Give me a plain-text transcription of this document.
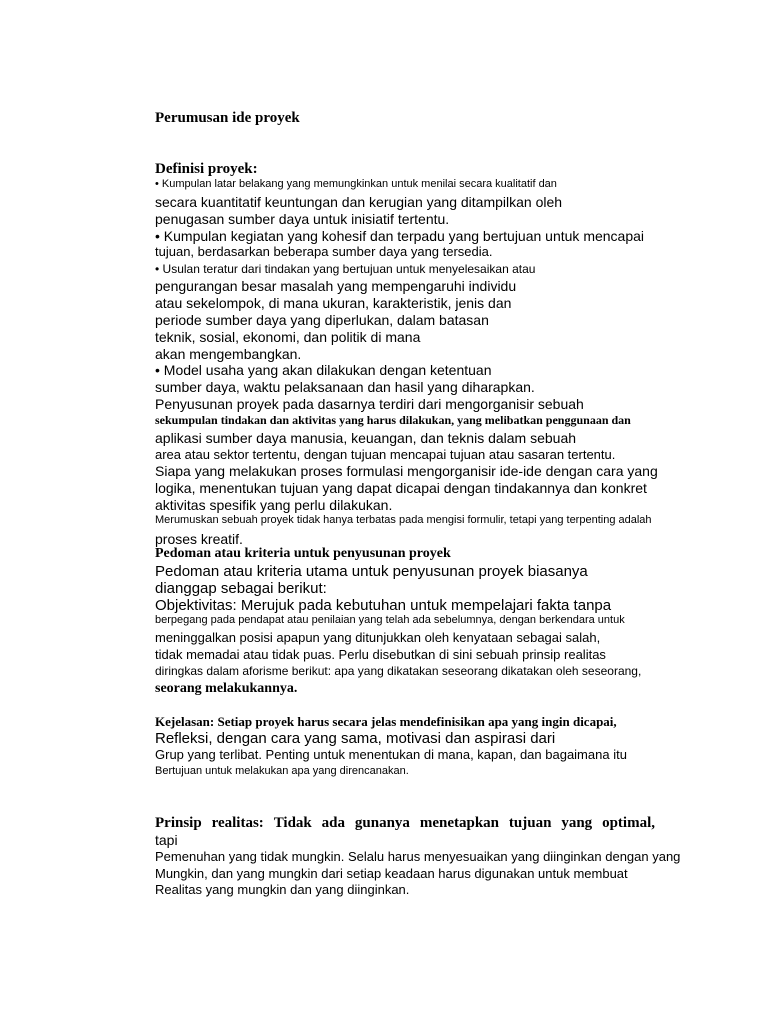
Perumusan ide proyek
Definisi proyek:
• Kumpulan latar belakang yang memungkinkan untuk menilai secara kualitatif dan
secara kuantitatif keuntungan dan kerugian yang ditampilkan oleh
penugasan sumber daya untuk inisiatif tertentu.
• Kumpulan kegiatan yang kohesif dan terpadu yang bertujuan untuk mencapai
tujuan, berdasarkan beberapa sumber daya yang tersedia.
• Usulan teratur dari tindakan yang bertujuan untuk menyelesaikan atau
pengurangan besar masalah yang mempengaruhi individu
atau sekelompok, di mana ukuran, karakteristik, jenis dan
periode sumber daya yang diperlukan, dalam batasan
teknik, sosial, ekonomi, dan politik di mana
akan mengembangkan.
• Model usaha yang akan dilakukan dengan ketentuan
sumber daya, waktu pelaksanaan dan hasil yang diharapkan.
Penyusunan proyek pada dasarnya terdiri dari mengorganisir sebuah
sekumpulan tindakan dan aktivitas yang harus dilakukan, yang melibatkan penggunaan dan
aplikasi sumber daya manusia, keuangan, dan teknis dalam sebuah
area atau sektor tertentu, dengan tujuan mencapai tujuan atau sasaran tertentu.
Siapa yang melakukan proses formulasi mengorganisir ide-ide dengan cara yang
logika, menentukan tujuan yang dapat dicapai dengan tindakannya dan konkret
aktivitas spesifik yang perlu dilakukan.
Merumuskan sebuah proyek tidak hanya terbatas pada mengisi formulir, tetapi yang terpenting adalah
proses kreatif.
Pedoman atau kriteria untuk penyusunan proyek
Pedoman atau kriteria utama untuk penyusunan proyek biasanya
dianggap sebagai berikut:
Objektivitas: Merujuk pada kebutuhan untuk mempelajari fakta tanpa
berpegang pada pendapat atau penilaian yang telah ada sebelumnya, dengan berkendara untuk
meninggalkan posisi apapun yang ditunjukkan oleh kenyataan sebagai salah,
tidak memadai atau tidak puas. Perlu disebutkan di sini sebuah prinsip realitas
diringkas dalam aforisme berikut: apa yang dikatakan seseorang dikatakan oleh seseorang,
seorang melakukannya.
Kejelasan: Setiap proyek harus secara jelas mendefinisikan apa yang ingin dicapai,
Refleksi, dengan cara yang sama, motivasi dan aspirasi dari
Grup yang terlibat. Penting untuk menentukan di mana, kapan, dan bagaimana itu
Bertujuan untuk melakukan apa yang direncanakan.
Prinsip realitas: Tidak ada gunanya menetapkan tujuan yang optimal,
tapi
Pemenuhan yang tidak mungkin. Selalu harus menyesuaikan yang diinginkan dengan yang
Mungkin, dan yang mungkin dari setiap keadaan harus digunakan untuk membuat
Realitas yang mungkin dan yang diinginkan.
